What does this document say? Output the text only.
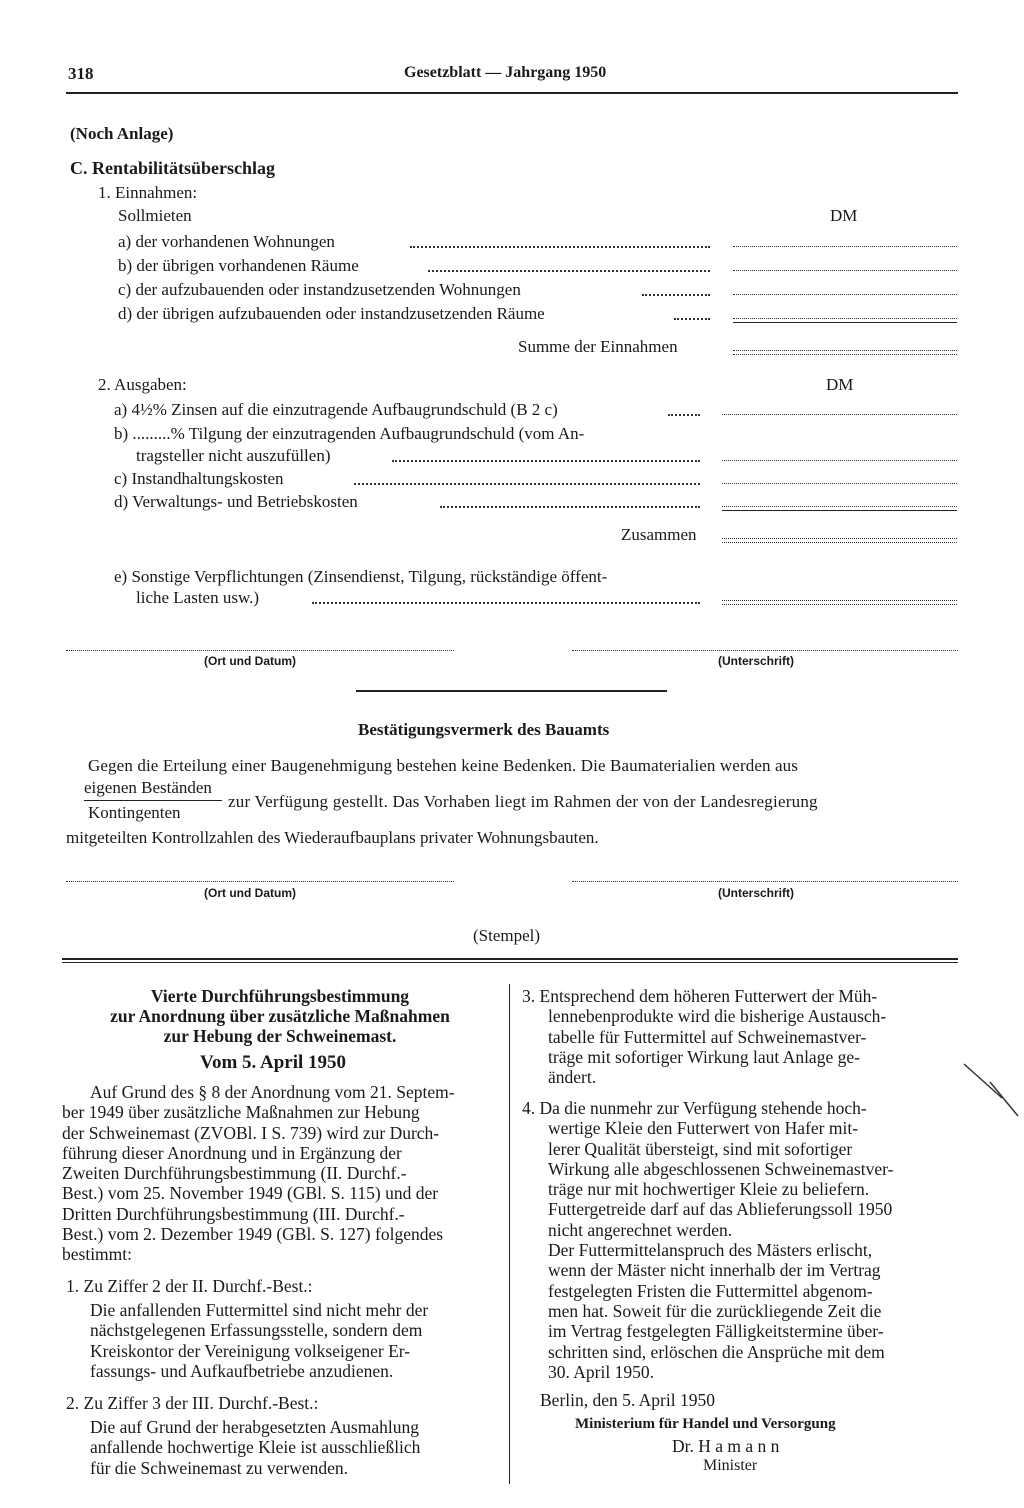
318	Gesetzblatt — Jahrgang 1950
(Noch Anlage)
C. Rentabilitätsüberschlag
1. Einnahmen:
Sollmieten	DM
a) der vorhandenen Wohnungen
b) der übrigen vorhandenen Räume
c) der aufzubauenden oder instandzusetzenden Wohnungen
d) der übrigen aufzubauenden oder instandzusetzenden Räume
Summe der Einnahmen
2. Ausgaben:	DM
a) 4½% Zinsen auf die einzutragende Aufbaugrundschuld (B 2 c)
b) .........% Tilgung der einzutragenden Aufbaugrundschuld (vom An-
tragsteller nicht auszufüllen)
c) Instandhaltungskosten
d) Verwaltungs- und Betriebskosten
Zusammen
e) Sonstige Verpflichtungen (Zinsendienst, Tilgung, rückständige öffent-
liche Lasten usw.)
(Ort und Datum)	(Unterschrift)
Bestätigungsvermerk des Bauamts
Gegen die Erteilung einer Baugenehmigung bestehen keine Bedenken. Die Baumaterialien werden aus
eigenen Beständen
Kontingenten
zur Verfügung gestellt. Das Vorhaben liegt im Rahmen der von der Landesregierung
mitgeteilten Kontrollzahlen des Wiederaufbauplans privater Wohnungsbauten.
(Ort und Datum)	(Unterschrift)
(Stempel)
Vierte Durchführungsbestimmung
zur Anordnung über zusätzliche Maßnahmen
zur Hebung der Schweinemast.
Vom 5. April 1950
Auf Grund des § 8 der Anordnung vom 21. Septem-
ber 1949 über zusätzliche Maßnahmen zur Hebung
der Schweinemast (ZVOBl. I S. 739) wird zur Durch-
führung dieser Anordnung und in Ergänzung der
Zweiten Durchführungsbestimmung (II. Durchf.-
Best.) vom 25. November 1949 (GBl. S. 115) und der
Dritten Durchführungsbestimmung (III. Durchf.-
Best.) vom 2. Dezember 1949 (GBl. S. 127) folgendes
bestimmt:
1. Zu Ziffer 2 der II. Durchf.-Best.:
Die anfallenden Futtermittel sind nicht mehr der
nächstgelegenen Erfassungsstelle, sondern dem
Kreiskontor der Vereinigung volkseigener Er-
fassungs- und Aufkaufbetriebe anzudienen.
2. Zu Ziffer 3 der III. Durchf.-Best.:
Die auf Grund der herabgesetzten Ausmahlung
anfallende hochwertige Kleie ist ausschließlich
für die Schweinemast zu verwenden.
3. Entsprechend dem höheren Futterwert der Müh-
lennebenprodukte wird die bisherige Austausch-
tabelle für Futtermittel auf Schweinemastver-
träge mit sofortiger Wirkung laut Anlage ge-
ändert.
4. Da die nunmehr zur Verfügung stehende hoch-
wertige Kleie den Futterwert von Hafer mit-
lerer Qualität übersteigt, sind mit sofortiger
Wirkung alle abgeschlossenen Schweinemastver-
träge nur mit hochwertiger Kleie zu beliefern.
Futtergetreide darf auf das Ablieferungssoll 1950
nicht angerechnet werden.
Der Futtermittelanspruch des Mästers erlischt,
wenn der Mäster nicht innerhalb der im Vertrag
festgelegten Fristen die Futtermittel abgenom-
men hat. Soweit für die zurückliegende Zeit die
im Vertrag festgelegten Fälligkeitstermine über-
schritten sind, erlöschen die Ansprüche mit dem
30. April 1950.
Berlin, den 5. April 1950
Ministerium für Handel und Versorgung
Dr. H a m a n n
Minister
